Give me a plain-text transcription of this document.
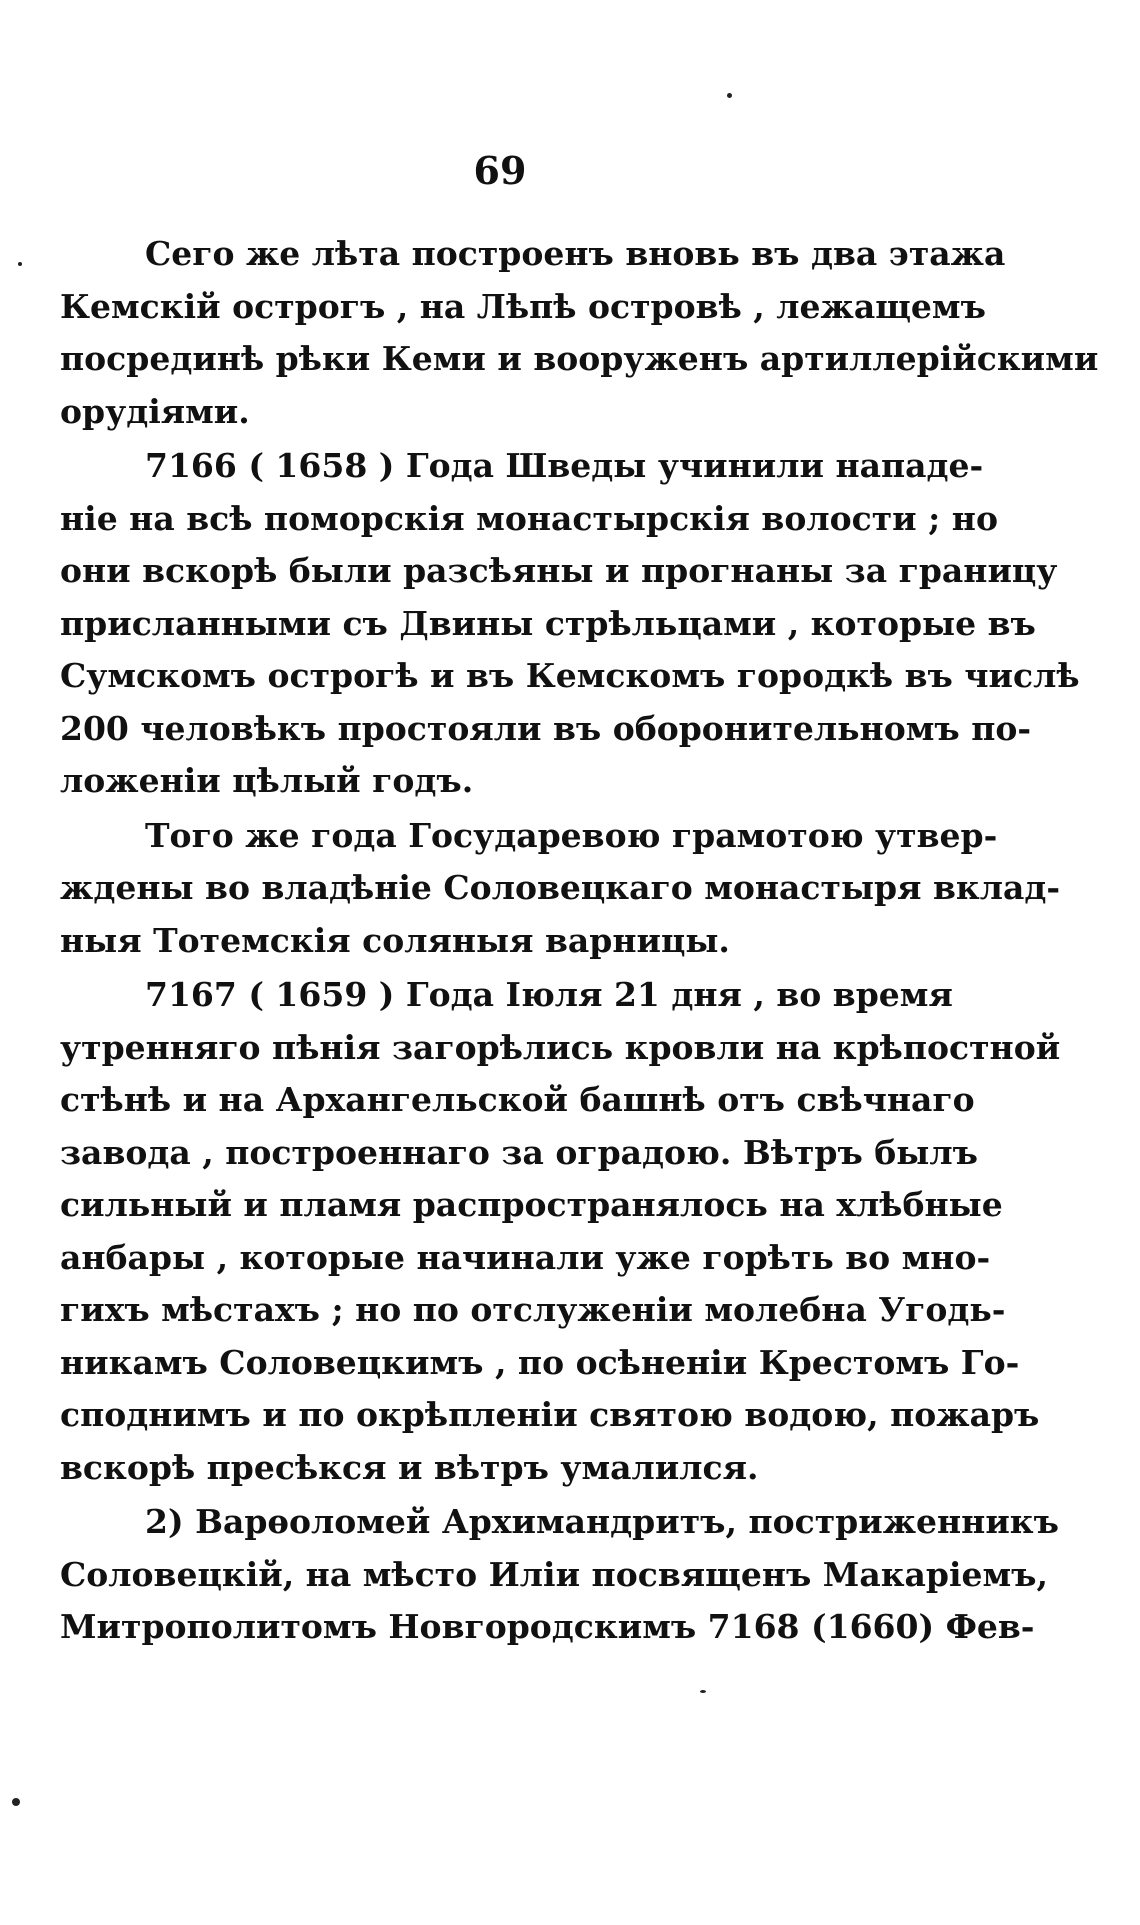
69
Сего же лѣта построенъ вновь въ два этажа
Кемскій острогъ , на Лѣпѣ островѣ , лежащемъ
посрединѣ рѣки Кеми и вооруженъ артиллерійскими
орудіями.
7166 ( 1658 ) Года Шведы учинили нападе-
ніе на всѣ поморскія монастырскія волости ; но
они вскорѣ были разсѣяны и прогнаны за границу
присланными съ Двины стрѣльцами , которые въ
Сумскомъ острогѣ и въ Кемскомъ городкѣ въ числѣ
200 человѣкъ простояли въ оборонительномъ по-
ложеніи цѣлый годъ.
Того же года Государевою грамотою утвер-
ждены во владѣніе Соловецкаго монастыря вклад-
ныя Тотемскія соляныя варницы.
7167 ( 1659 ) Года Іюля 21 дня , во время
утренняго пѣнія загорѣлись кровли на крѣпостной
стѣнѣ и на Архангельской башнѣ отъ свѣчнаго
завода , построеннаго за оградою. Вѣтръ былъ
сильный и пламя распространялось на хлѣбные
анбары , которые начинали уже горѣть во мно-
гихъ мѣстахъ ; но по отслуженіи молебна Угодь-
никамъ Соловецкимъ , по осѣненіи Крестомъ Го-
споднимъ и по окрѣпленіи святою водою, пожаръ
вскорѣ пресѣкся и вѣтръ умалился.
2) Варѳоломей Архимандритъ, постриженникъ
Соловецкій, на мѣсто Иліи посвященъ Макаріемъ,
Митрополитомъ Новгородскимъ 7168 (1660) Фев-
